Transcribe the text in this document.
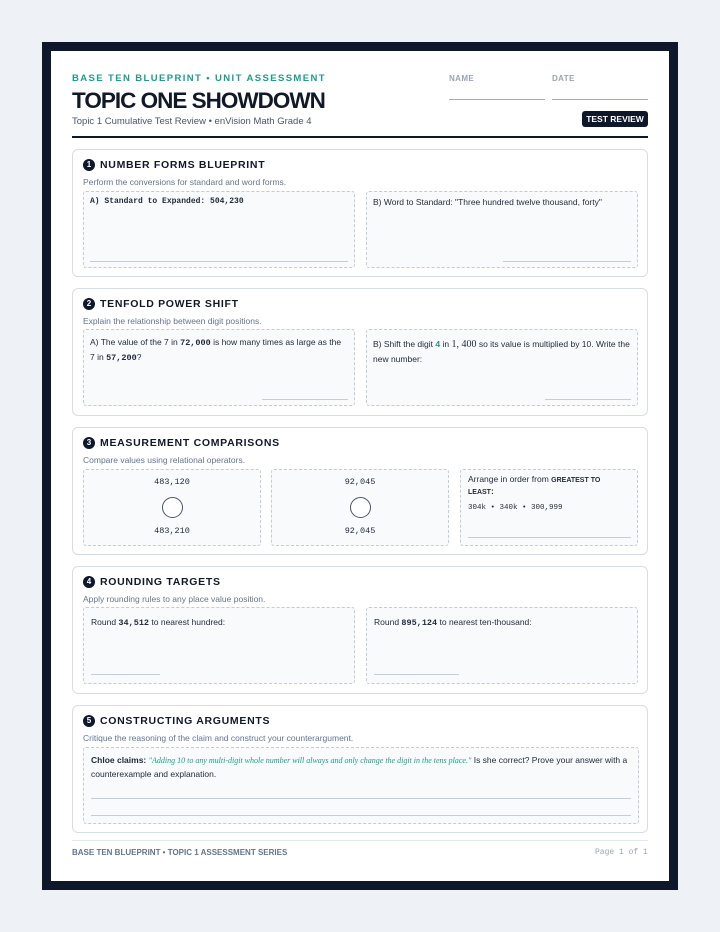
BASE TEN BLUEPRINT • UNIT ASSESSMENT
TOPIC ONE SHOWDOWN
Topic 1 Cumulative Test Review • enVision Math Grade 4
NAME	DATE
TEST REVIEW
1 NUMBER FORMS BLUEPRINT
Perform the conversions for standard and word forms.
A) Standard to Expanded: 504,230	B) Word to Standard: "Three hundred twelve thousand, forty"
2 TENFOLD POWER SHIFT
Explain the relationship between digit positions.
A) The value of the 7 in 72,000 is how many times as large as the 7 in 57,200?
B) Shift the digit 4 in 1, 400 so its value is multiplied by 10. Write the new number:
3 MEASUREMENT COMPARISONS
Compare values using relational operators.
483,120
483,210
92,045
92,045
Arrange in order from GREATEST TO LEAST:
304k • 340k • 300,999
4 ROUNDING TARGETS
Apply rounding rules to any place value position.
Round 34,512 to nearest hundred:	Round 895,124 to nearest ten-thousand:
5 CONSTRUCTING ARGUMENTS
Critique the reasoning of the claim and construct your counterargument.
Chloe claims: "Adding 10 to any multi-digit whole number will always and only change the digit in the tens place." Is she correct? Prove your answer with a counterexample and explanation.
BASE TEN BLUEPRINT • TOPIC 1 ASSESSMENT SERIES	Page 1 of 1
